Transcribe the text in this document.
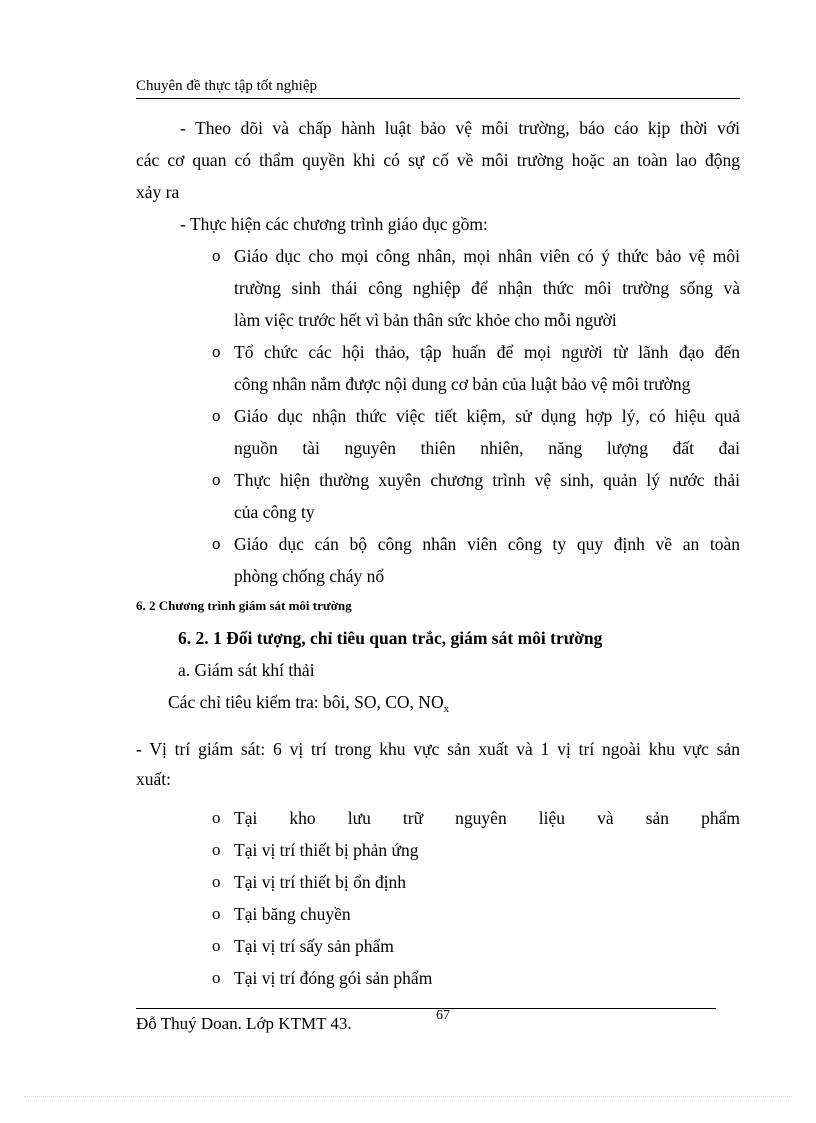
Chuyên đề thực tập tốt nghiệp
- Theo dõi và chấp hành luật bảo vệ môi trường, báo cáo kịp thời với
các cơ quan có thẩm quyền khi có sự cố về môi trường hoặc an toàn lao động
xảy ra
- Thực hiện các chương trình giáo dục gồm:
o Giáo dục cho mọi công nhân, mọi nhân viên có ý thức bảo vệ môi
trường sinh thái công nghiệp để nhận thức môi trường sống và
làm việc trước hết vì bản thân sức khỏe cho mỗi người
o Tổ chức các hội thảo, tập huấn để mọi người từ lãnh đạo đến
công nhân nắm được nội dung cơ bản của luật bảo vệ môi trường
o Giáo dục nhận thức việc tiết kiệm, sử dụng hợp lý, có hiệu quả
nguồn tài nguyên thiên nhiên, năng lượng đất đai
o Thực hiện thường xuyên chương trình vệ sinh, quản lý nước thải
của công ty
o Giáo dục cán bộ công nhân viên công ty quy định về an toàn
phòng chống cháy nổ
6. 2 Chương trình giám sát môi trường
6. 2. 1 Đối tượng, chỉ tiêu quan trắc, giám sát môi trường
a. Giám sát khí thải
Các chỉ tiêu kiểm tra: bôi, SO, CO, $NO_x$
- Vị trí giám sát: 6 vị trí trong khu vực sản xuất và 1 vị trí ngoài khu vực sản
xuất:
o Tại kho lưu trữ nguyên liệu và sản phẩm
o Tại vị trí thiết bị phản ứng
o Tại vị trí thiết bị ổn định
o Tại băng chuyền
o Tại vị trí sấy sản phẩm
o Tại vị trí đóng gói sản phẩm
Đỗ Thuý Doan. Lớp KTMT 43.	67
